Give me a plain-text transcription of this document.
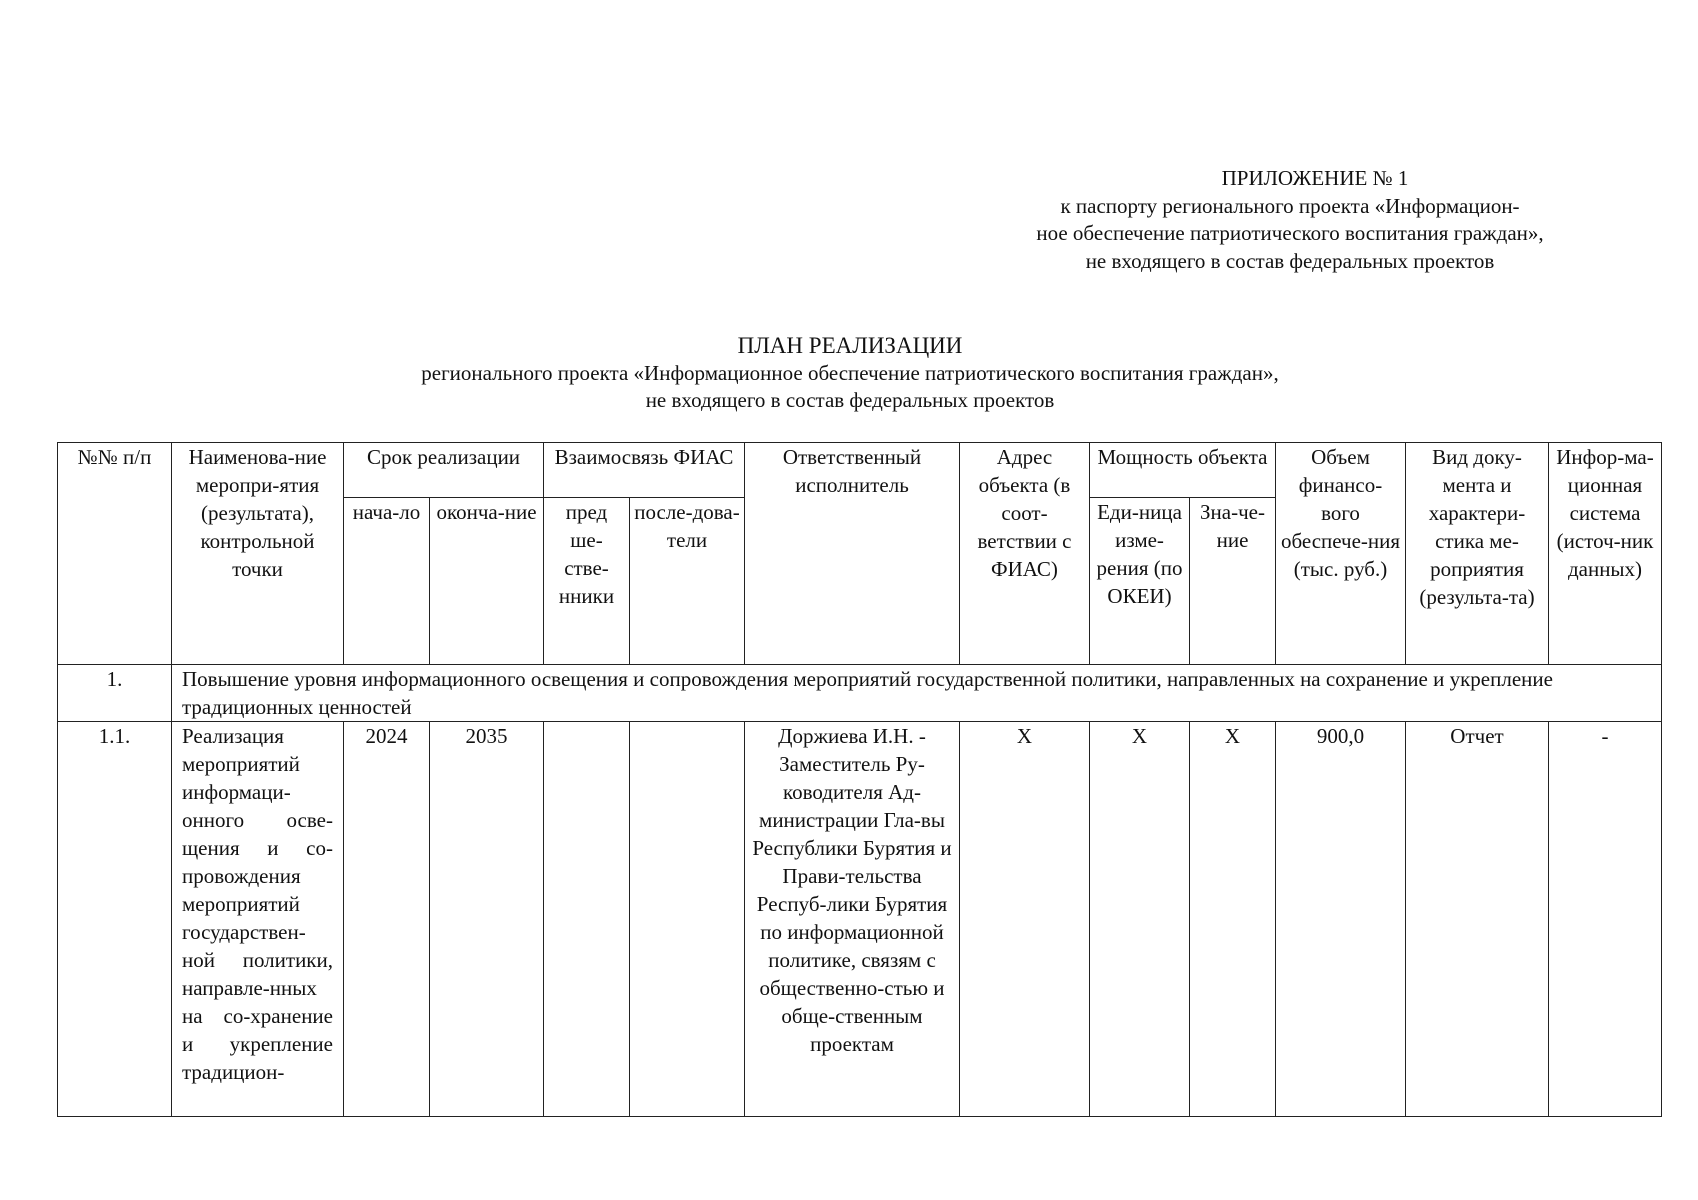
ПРИЛОЖЕНИЕ № 1
к паспорту регионального проекта «Информацион-
ное обеспечение патриотического воспитания граждан»,
не входящего в состав федеральных проектов
ПЛАН РЕАЛИЗАЦИИ
регионального проекта «Информационное обеспечение патриотического воспитания граждан»,
не входящего в состав федеральных проектов
№№ п/п	Наименова-ние меропри-ятия (результата), контрольной точки	Срок реализации		Взаимосвязь ФИАС		Ответственный исполнитель	Адрес объекта (в соот-ветствии с ФИАС)	Мощность объекта		Объем финансо-вого обеспече-ния (тыс. руб.)	Вид доку-мента и характери-стика ме-роприятия (результа-та)	Инфор-ма-ционная система (источ-ник данных)
		нача-ло	оконча-ние	пред ше-стве-нники	после-дова-тели			Еди-ница изме-рения (по ОКЕИ)	Зна-че-ние			
1.	Повышение уровня информационного освещения и сопровождения мероприятий государственной политики, направленных на сохранение и укрепление традиционных ценностей											
1.1.	Реализация мероприятий информаци-онного осве-щения и со-провождения мероприятий государствен-ной политики, направле-нных на со-хранение и укрепление традицион-	2024	2035			Доржиева И.Н. - Заместитель Ру-ководителя Ад-министрации Гла-вы Республики Бурятия и Прави-тельства Респуб-лики Бурятия по информационной политике, связям с общественно-стью и обще-ственным проектам	X	X	X	900,0	Отчет	-
